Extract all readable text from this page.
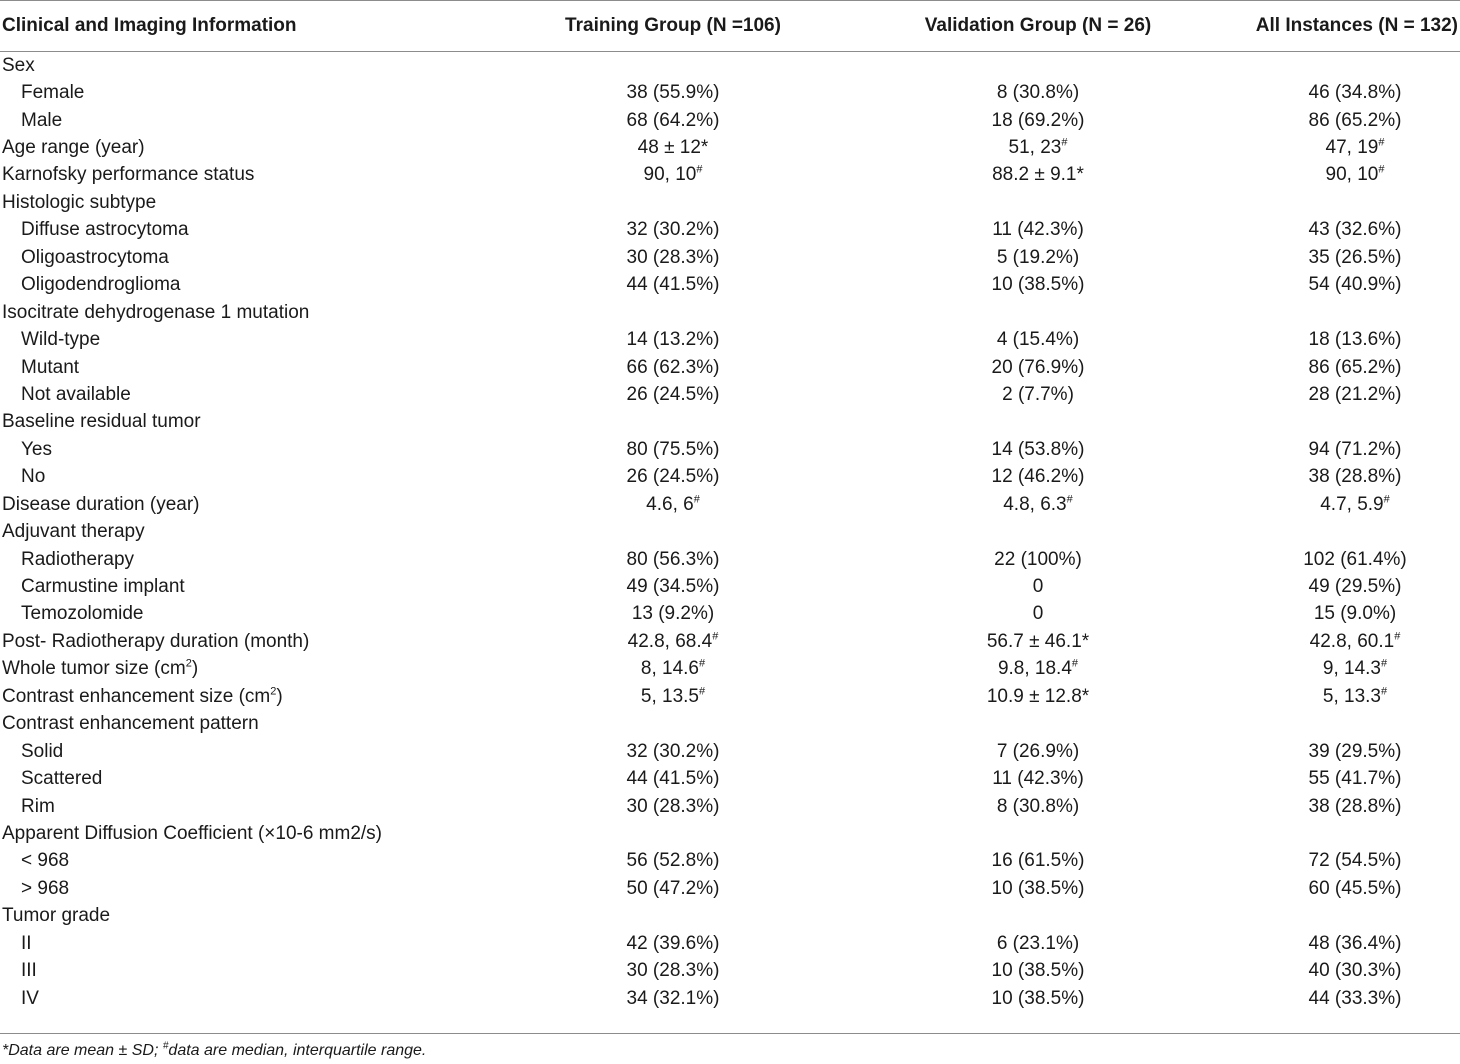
Clinical and Imaging Information	Training Group (N =106)	Validation Group (N = 26)	All Instances (N = 132)
Sex			
Female	38 (55.9%)	8 (30.8%)	46 (34.8%)
Male	68 (64.2%)	18 (69.2%)	86 (65.2%)
Age range (year)	48 ± 12*	51, 23#	47, 19#
Karnofsky performance status	90, 10#	88.2 ± 9.1*	90, 10#
Histologic subtype			
Diffuse astrocytoma	32 (30.2%)	11 (42.3%)	43 (32.6%)
Oligoastrocytoma	30 (28.3%)	5 (19.2%)	35 (26.5%)
Oligodendroglioma	44 (41.5%)	10 (38.5%)	54 (40.9%)
Isocitrate dehydrogenase 1 mutation			
Wild-type	14 (13.2%)	4 (15.4%)	18 (13.6%)
Mutant	66 (62.3%)	20 (76.9%)	86 (65.2%)
Not available	26 (24.5%)	2 (7.7%)	28 (21.2%)
Baseline residual tumor			
Yes	80 (75.5%)	14 (53.8%)	94 (71.2%)
No	26 (24.5%)	12 (46.2%)	38 (28.8%)
Disease duration (year)	4.6, 6#	4.8, 6.3#	4.7, 5.9#
Adjuvant therapy			
Radiotherapy	80 (56.3%)	22 (100%)	102 (61.4%)
Carmustine implant	49 (34.5%)	0	49 (29.5%)
Temozolomide	13 (9.2%)	0	15 (9.0%)
Post- Radiotherapy duration (month)	42.8, 68.4#	56.7 ± 46.1*	42.8, 60.1#
Whole tumor size $(cm^2)$	8, 14.6#	9.8, 18.4#	9, 14.3#
Contrast enhancement size $(cm^2)$	5, 13.5#	10.9 ± 12.8*	5, 13.3#
Contrast enhancement pattern			
Solid	32 (30.2%)	7 (26.9%)	39 (29.5%)
Scattered	44 (41.5%)	11 (42.3%)	55 (41.7%)
Rim	30 (28.3%)	8 (30.8%)	38 (28.8%)
Apparent Diffusion Coefficient (×10-6 mm2/s)			
< 968	56 (52.8%)	16 (61.5%)	72 (54.5%)
> 968	50 (47.2%)	10 (38.5%)	60 (45.5%)
Tumor grade			
II	42 (39.6%)	6 (23.1%)	48 (36.4%)
III	30 (28.3%)	10 (38.5%)	40 (30.3%)
IV	34 (32.1%)	10 (38.5%)	44 (33.3%)
*Data are mean ± SD; #data are median, interquartile range.
